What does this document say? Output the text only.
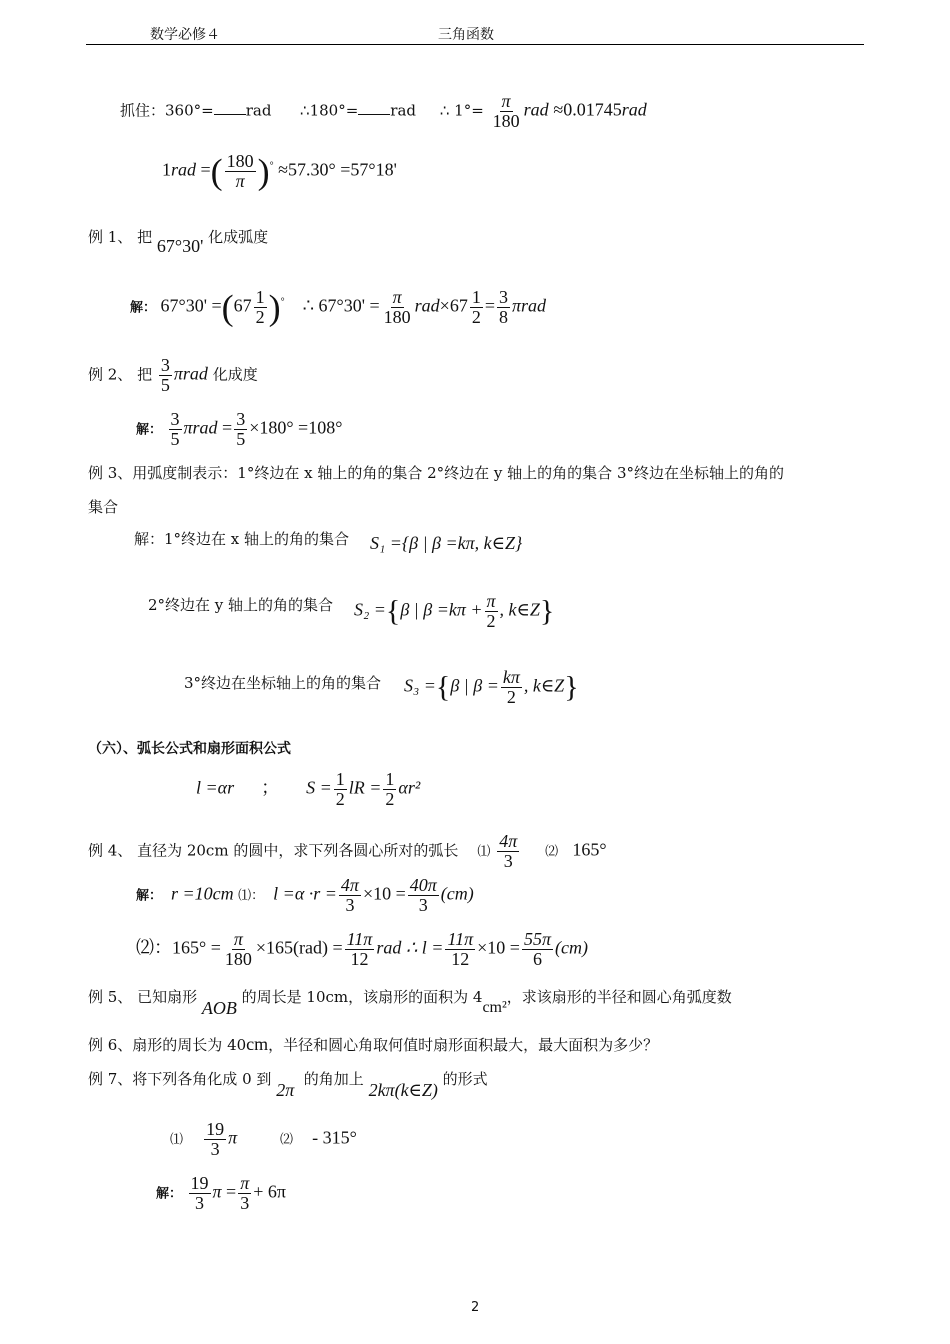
数学必修４	三角函数
抓住：360°= rad ∴180°= rad ∴ $1^\circ= \frac{\pi}{180}$ rad ≈0.01745rad
1rad =( $\frac{180}{\pi} )^\circ \approx 57.30^\circ =57^\circ 18'$
例 1、 把 67°30' 化成弧度
解： $67^\circ 30' =(67 \frac{1}{2} )^\circ$ ∴ $67^\circ 30' = \frac{\pi}{180} rad\times 67 \frac{1}{2} = \frac{3}{8}$ πrad
例 2、 把 $\frac{3}{5}$ πrad 化成度
解： $\frac{3}{5}$ $\pi rad = \frac{3}{5} \times 180^\circ =108^\circ$
例 3、用弧度制表示：1°终边在 x 轴上的角的集合 2°终边在 y 轴上的角的集合 3°终边在坐标轴上的角的
集合
解：1°终边在 x 轴上的角的集合 S₁ ={β | β =kπ, k∈Z}
2°终边在 y 轴上的角的集合 S₂ ={β | $\beta =k\pi + \frac{\pi}{2}$ , k∈Z}
3°终边在坐标轴上的角的集合 S₃ ={β | $\beta = \frac{k\pi}{2}$ , k∈Z}
（六）、弧长公式和扇形面积公式
l =αr ； $S = \frac{1}{2}$ lR = $\frac{1}{2} \alpha r^2$
例 4、 直径为 20cm 的圆中，求下列各圆心所对的弧长 ⑴ $\frac{4\pi}{3}$ ⑵ 165°
解： r =10cm ⑴： $l =\alpha \cdot r = \frac{4\pi}{3} \times 10 = \frac{40\pi}{3} (cm)$
⑵：$165^\circ = \frac{\pi}{180} \times 165(rad) = \frac{11\pi}{12}$ rad ∴ $l = \frac{11\pi}{12} \times 10 = \frac{55\pi}{6} (cm)$
例 5、 已知扇形 AOB 的周长是 10cm，该扇形的面积为 4cm²，求该扇形的半径和圆心角弧度数
例 6、扇形的周长为 40cm，半径和圆心角取何值时扇形面积最大，最大面积为多少？
例 7、将下列各角化成 0 到 2π  的角加上 2kπ(k∈Z) 的形式
⑴ $\frac{19}{3}$ π	⑵ - 315°
解： $\frac{19}{3}$ $\pi = \frac{\pi}{3} + 6\pi$
2
